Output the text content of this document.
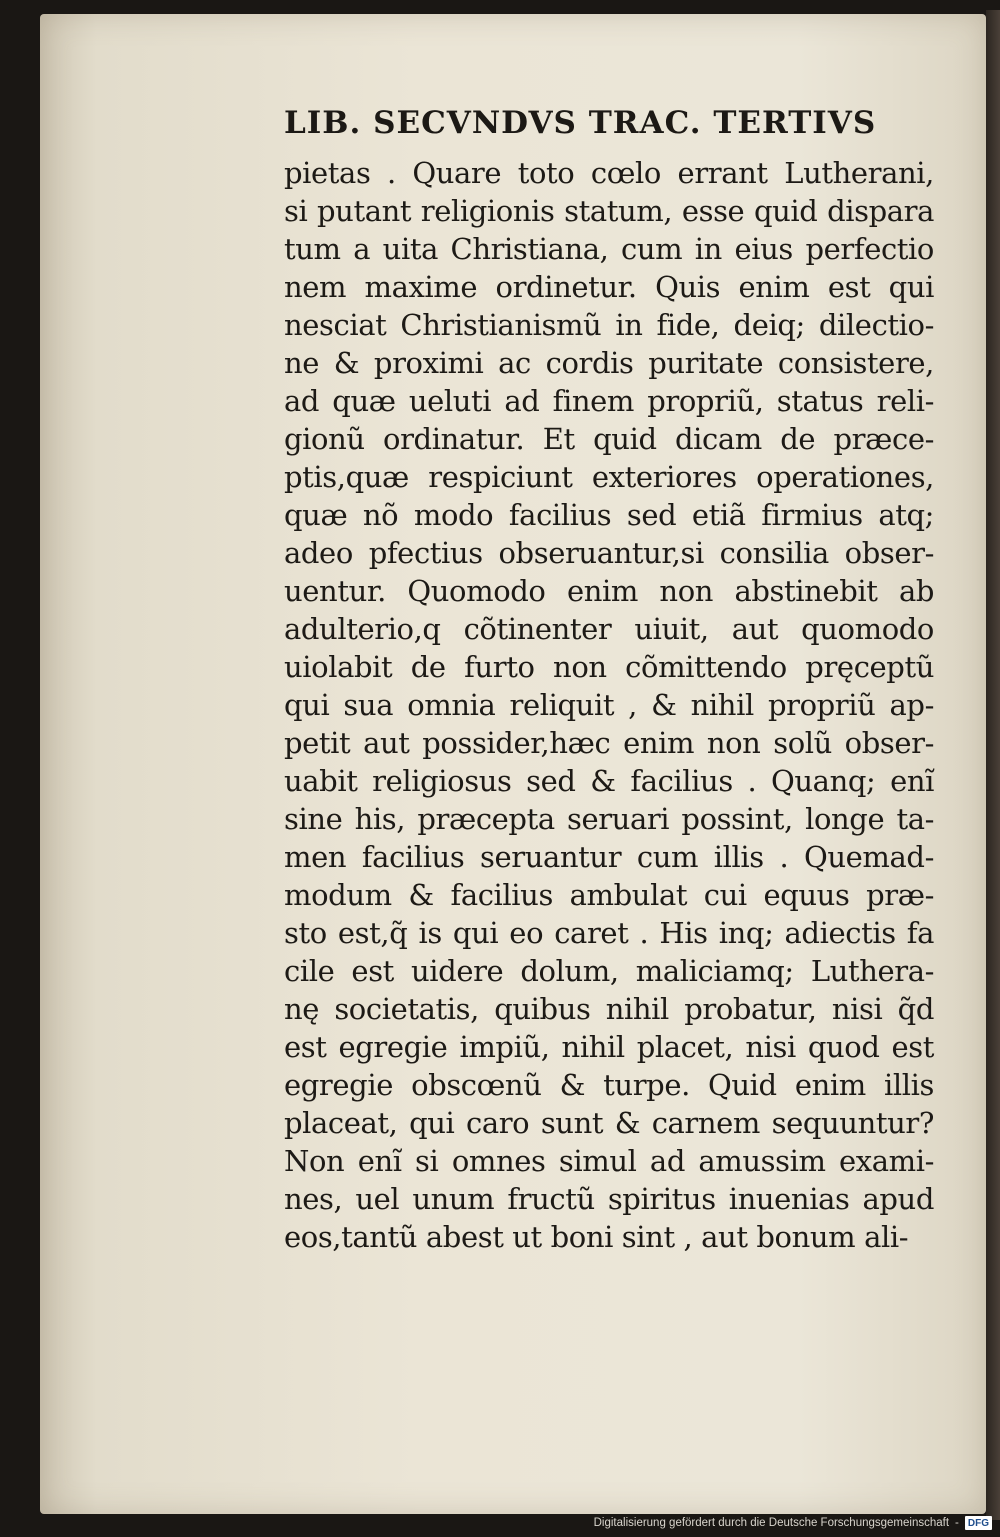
LIB. SECVNDVS TRAC. TERTIVS
pietas . Quare toto cœlo errant Lutherani,
si putant religionis statum, esse quid dispara
tum a uita Christiana, cum in eius perfectio
nem maxime ordinetur. Quis enim est qui
nesciat Christianismũ in fide, deiq; dilectio-
ne & proximi ac cordis puritate consistere,
ad quæ ueluti ad finem propriũ, status reli-
gionũ ordinatur. Et quid dicam de præce-
ptis,quæ respiciunt exteriores operationes,
quæ nõ modo facilius sed etiã firmius atq;
adeo pfectius obseruantur,si consilia obser-
uentur. Quomodo enim non abstinebit ab
adulterio,q cõtinenter uiuit, aut quomodo
uiolabit de furto non cõmittendo pręceptũ
qui sua omnia reliquit , & nihil propriũ ap-
petit aut possider,hæc enim non solũ obser-
uabit religiosus sed & facilius . Quanq; enĩ
sine his, præcepta seruari possint, longe ta-
men facilius seruantur cum illis . Quemad-
modum & facilius ambulat cui equus præ-
sto est,q̃ is qui eo caret . His inq; adiectis fa
cile est uidere dolum, maliciamq; Luthera-
nę societatis, quibus nihil probatur, nisi q̃d
est egregie impiũ, nihil placet, nisi quod est
egregie obscœnũ & turpe. Quid enim illis
placeat, qui caro sunt & carnem sequuntur?
Non enĩ si omnes simul ad amussim exami-
nes, uel unum fructũ spiritus inuenias apud
eos,tantũ abest ut boni sint , aut bonum ali-
Digitalisierung gefördert durch die Deutsche Forschungsgemeinschaft - DFG
